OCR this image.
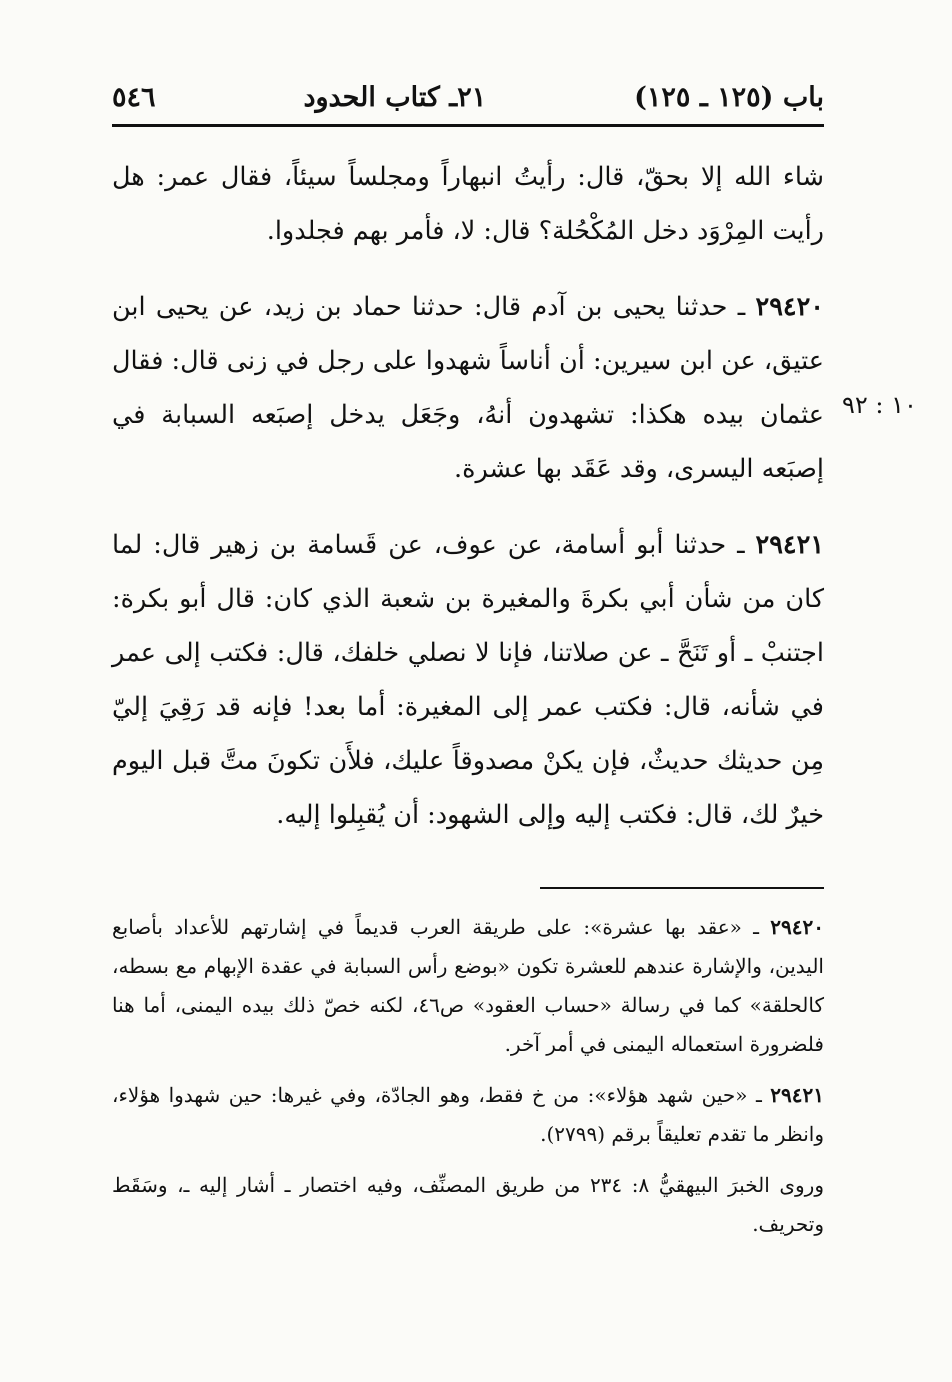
٥٤٦	٢١ـ كتاب الحدود	باب (١٢٥ ـ ١٢٥)

شاء الله إلا بحقّ، قال: رأيتُ انبهاراً ومجلساً سيئاً، فقال عمر: هل رأيت المِرْوَد دخل المُكْحُلة؟ قال: لا، فأمر بهم فجلدوا.

٢٩٤٢٠ ـ حدثنا يحيى بن آدم قال: حدثنا حماد بن زيد، عن يحيى ابن عتيق، عن ابن سيرين: أن أناساً شهدوا على رجل في زنى قال: فقال عثمان بيده هكذا: تشهدون أنهُ، وجَعَل يدخل إصبَعه السبابة في إصبَعه اليسرى، وقد عَقَد بها عشرة.

٢٩٤٢١ ـ حدثنا أبو أسامة، عن عوف، عن قَسامة بن زهير قال: لما كان من شأن أبي بكرةَ والمغيرة بن شعبة الذي كان: قال أبو بكرة: اجتنبْ ـ أو تَنَحَّ ـ عن صلاتنا، فإنا لا نصلي خلفك، قال: فكتب إلى عمر في شأنه، قال: فكتب عمر إلى المغيرة: أما بعد! فإنه قد رَقِيَ إليّ مِن حديثك حديثٌ، فإن يكنْ مصدوقاً عليك، فلأَن تكونَ متَّ قبل اليوم خيرٌ لك، قال: فكتب إليه وإلى الشهود: أن يُقبِلوا إليه.

١٠ : ٩٢

٢٩٤٢٠ ـ «عقد بها عشرة»: على طريقة العرب قديماً في إشارتهم للأعداد بأصابع اليدين، والإشارة عندهم للعشرة تكون «بوضع رأس السبابة في عقدة الإبهام مع بسطه، كالحلقة» كما في رسالة «حساب العقود» ص٤٦، لكنه خصّ ذلك بيده اليمنى، أما هنا فلضرورة استعماله اليمنى في أمر آخر.

٢٩٤٢١ ـ «حين شهد هؤلاء»: من خ فقط، وهو الجادّة، وفي غيرها: حين شهدوا هؤلاء، وانظر ما تقدم تعليقاً برقم (٢٧٩٩).

وروى الخبرَ البيهقيُّ ٨: ٢٣٤ من طريق المصنِّف، وفيه اختصار ـ أشار إليه ـ، وسَقَط وتحريف.
